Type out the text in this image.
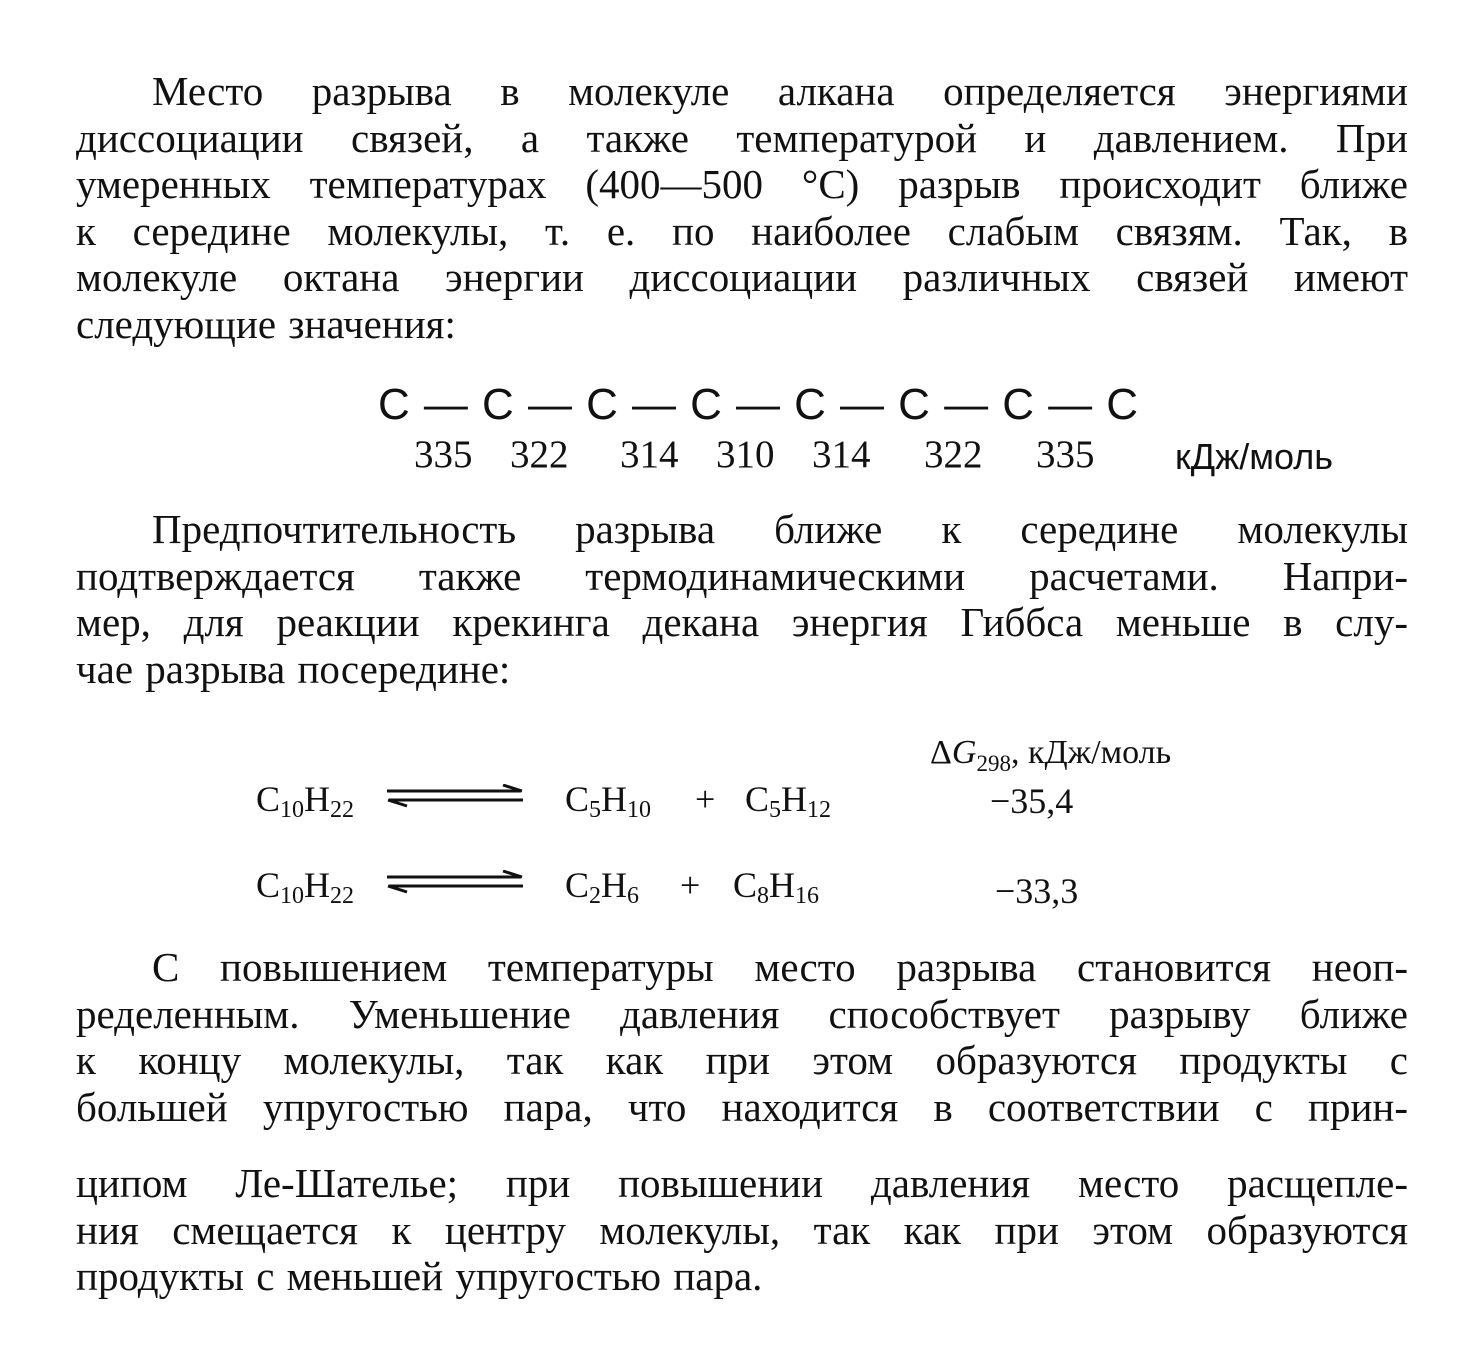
Место разрыва в молекуле алкана определяется энергиями
диссоциации связей, а также температурой и давлением. При
умеренных температурах (400—500 °С) разрыв происходит ближе
к середине молекулы, т. е. по наиболее слабым связям. Так, в
молекуле октана энергии диссоциации различных связей имеют
следующие значения:
С — С — С — С — С — С — С — С
335 322 314 310 314 322 335 кДж/моль
Предпочтительность разрыва ближе к середине молекулы
подтверждается также термодинамическими расчетами. Напри-
мер, для реакции крекинга декана энергия Гиббса меньше в слу-
чае разрыва посередине:
$\Delta G_{298}$, кДж/моль
$C_{10}H_{22}$	$C_5H_{10} + C_5H_{12}$	−35,4
$C_{10}H_{22}$	$C_2H_6 + C_8H_{16}$	−33,3
С повышением температуры место разрыва становится неоп-
ределенным. Уменьшение давления способствует разрыву ближе
к концу молекулы, так как при этом образуются продукты с
большей упругостью пара, что находится в соответствии с прин-
ципом Ле-Шателье; при повышении давления место расщепле-
ния смещается к центру молекулы, так как при этом образуются
продукты с меньшей упругостью пара.
